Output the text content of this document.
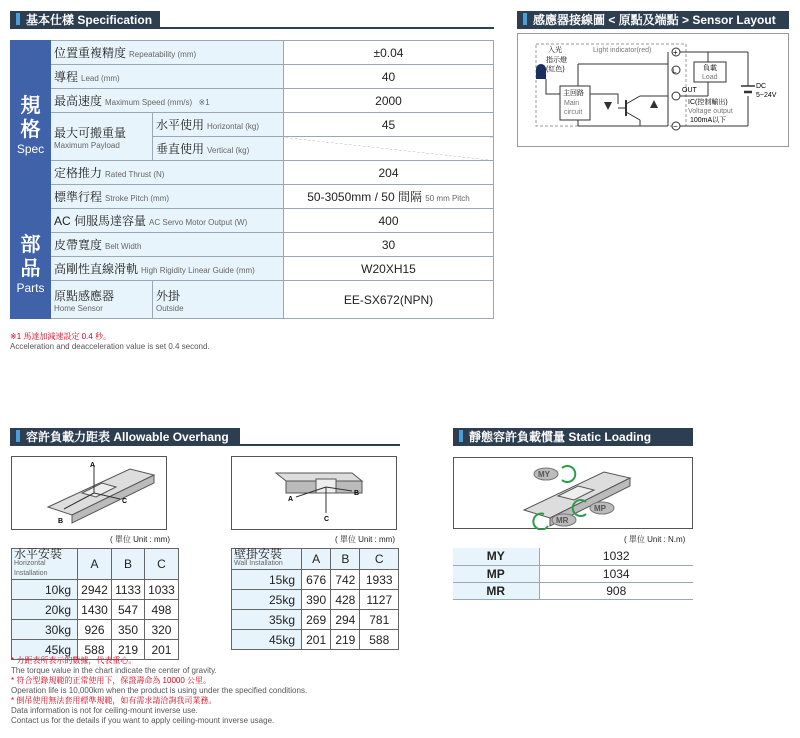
基本仕樣 Specification
規
格
Spec	位置重複精度 Repeatability (mm)		±0.04
	導程 Lead (mm)		40
	最高速度 Maximum Speed (mm/s) ※1		2000
	最大可搬重量
Maximum Payload	水平使用 Horizontal (kg)	45
		垂直使用 Vertical (kg)	
	定格推力 Rated Thrust (N)		204
	標準行程 Stroke Pitch (mm)		50-3050mm / 50 間隔 50 mm Pitch

部
品
Parts	AC 伺服馬達容量 AC Servo Motor Output (W)		400
	皮帶寬度 Belt Width		30
	高剛性直線滑軌 High Rigidity Linear Guide (mm)		W20XH15
	原點感應器
Home Sensor	外掛
Outside	EE-SX672(NPN)
※1 馬達加減速設定 0.4 秒。
Acceleration and deacceleration value is set 0.4 second.
感應器接線圖 < 原點及端點 > Sensor Layout
入光
指示燈
(紅色)
Light indicator(red)
主回路
Main
circuit
+
L
−
負載
Load
OUT
IC(控制輸出)
Voltage output
100mA以下
DC
5~24V
容許負載力距表 Allowable Overhang
A
C
B
B
A
C
( 單位 Unit : mm)	( 單位 Unit : mm)
水平安裝
Horizontal Installation	A	B	C
10kg	2942	1133	1033
20kg	1430	547	498
30kg	926	350	320
45kg	588	219	201
壁掛安裝
Wall Installation	A	B	C
15kg	676	742	1933
25kg	390	428	1127
35kg	269	294	781
45kg	201	219	588
* 力距表所表示的數據，代表重心。
The torque value in the chart indicate the center of gravity.
* 符合型錄規範的正常使用下，保證壽命為 10000 公里。
Operation life is 10,000km when the product is using under the specified conditions.
* 倒吊使用無法套用標準規範，如有需求請洽詢我司業務。
Data information is not for ceiling-mount inverse use.
Contact us for the details if you want to apply ceiling-mount inverse usage.
靜態容許負載慣量 Static Loading Moment
MY
MP
MR
( 單位 Unit : N.m)
MY	1032
MP	1034
MR	908
